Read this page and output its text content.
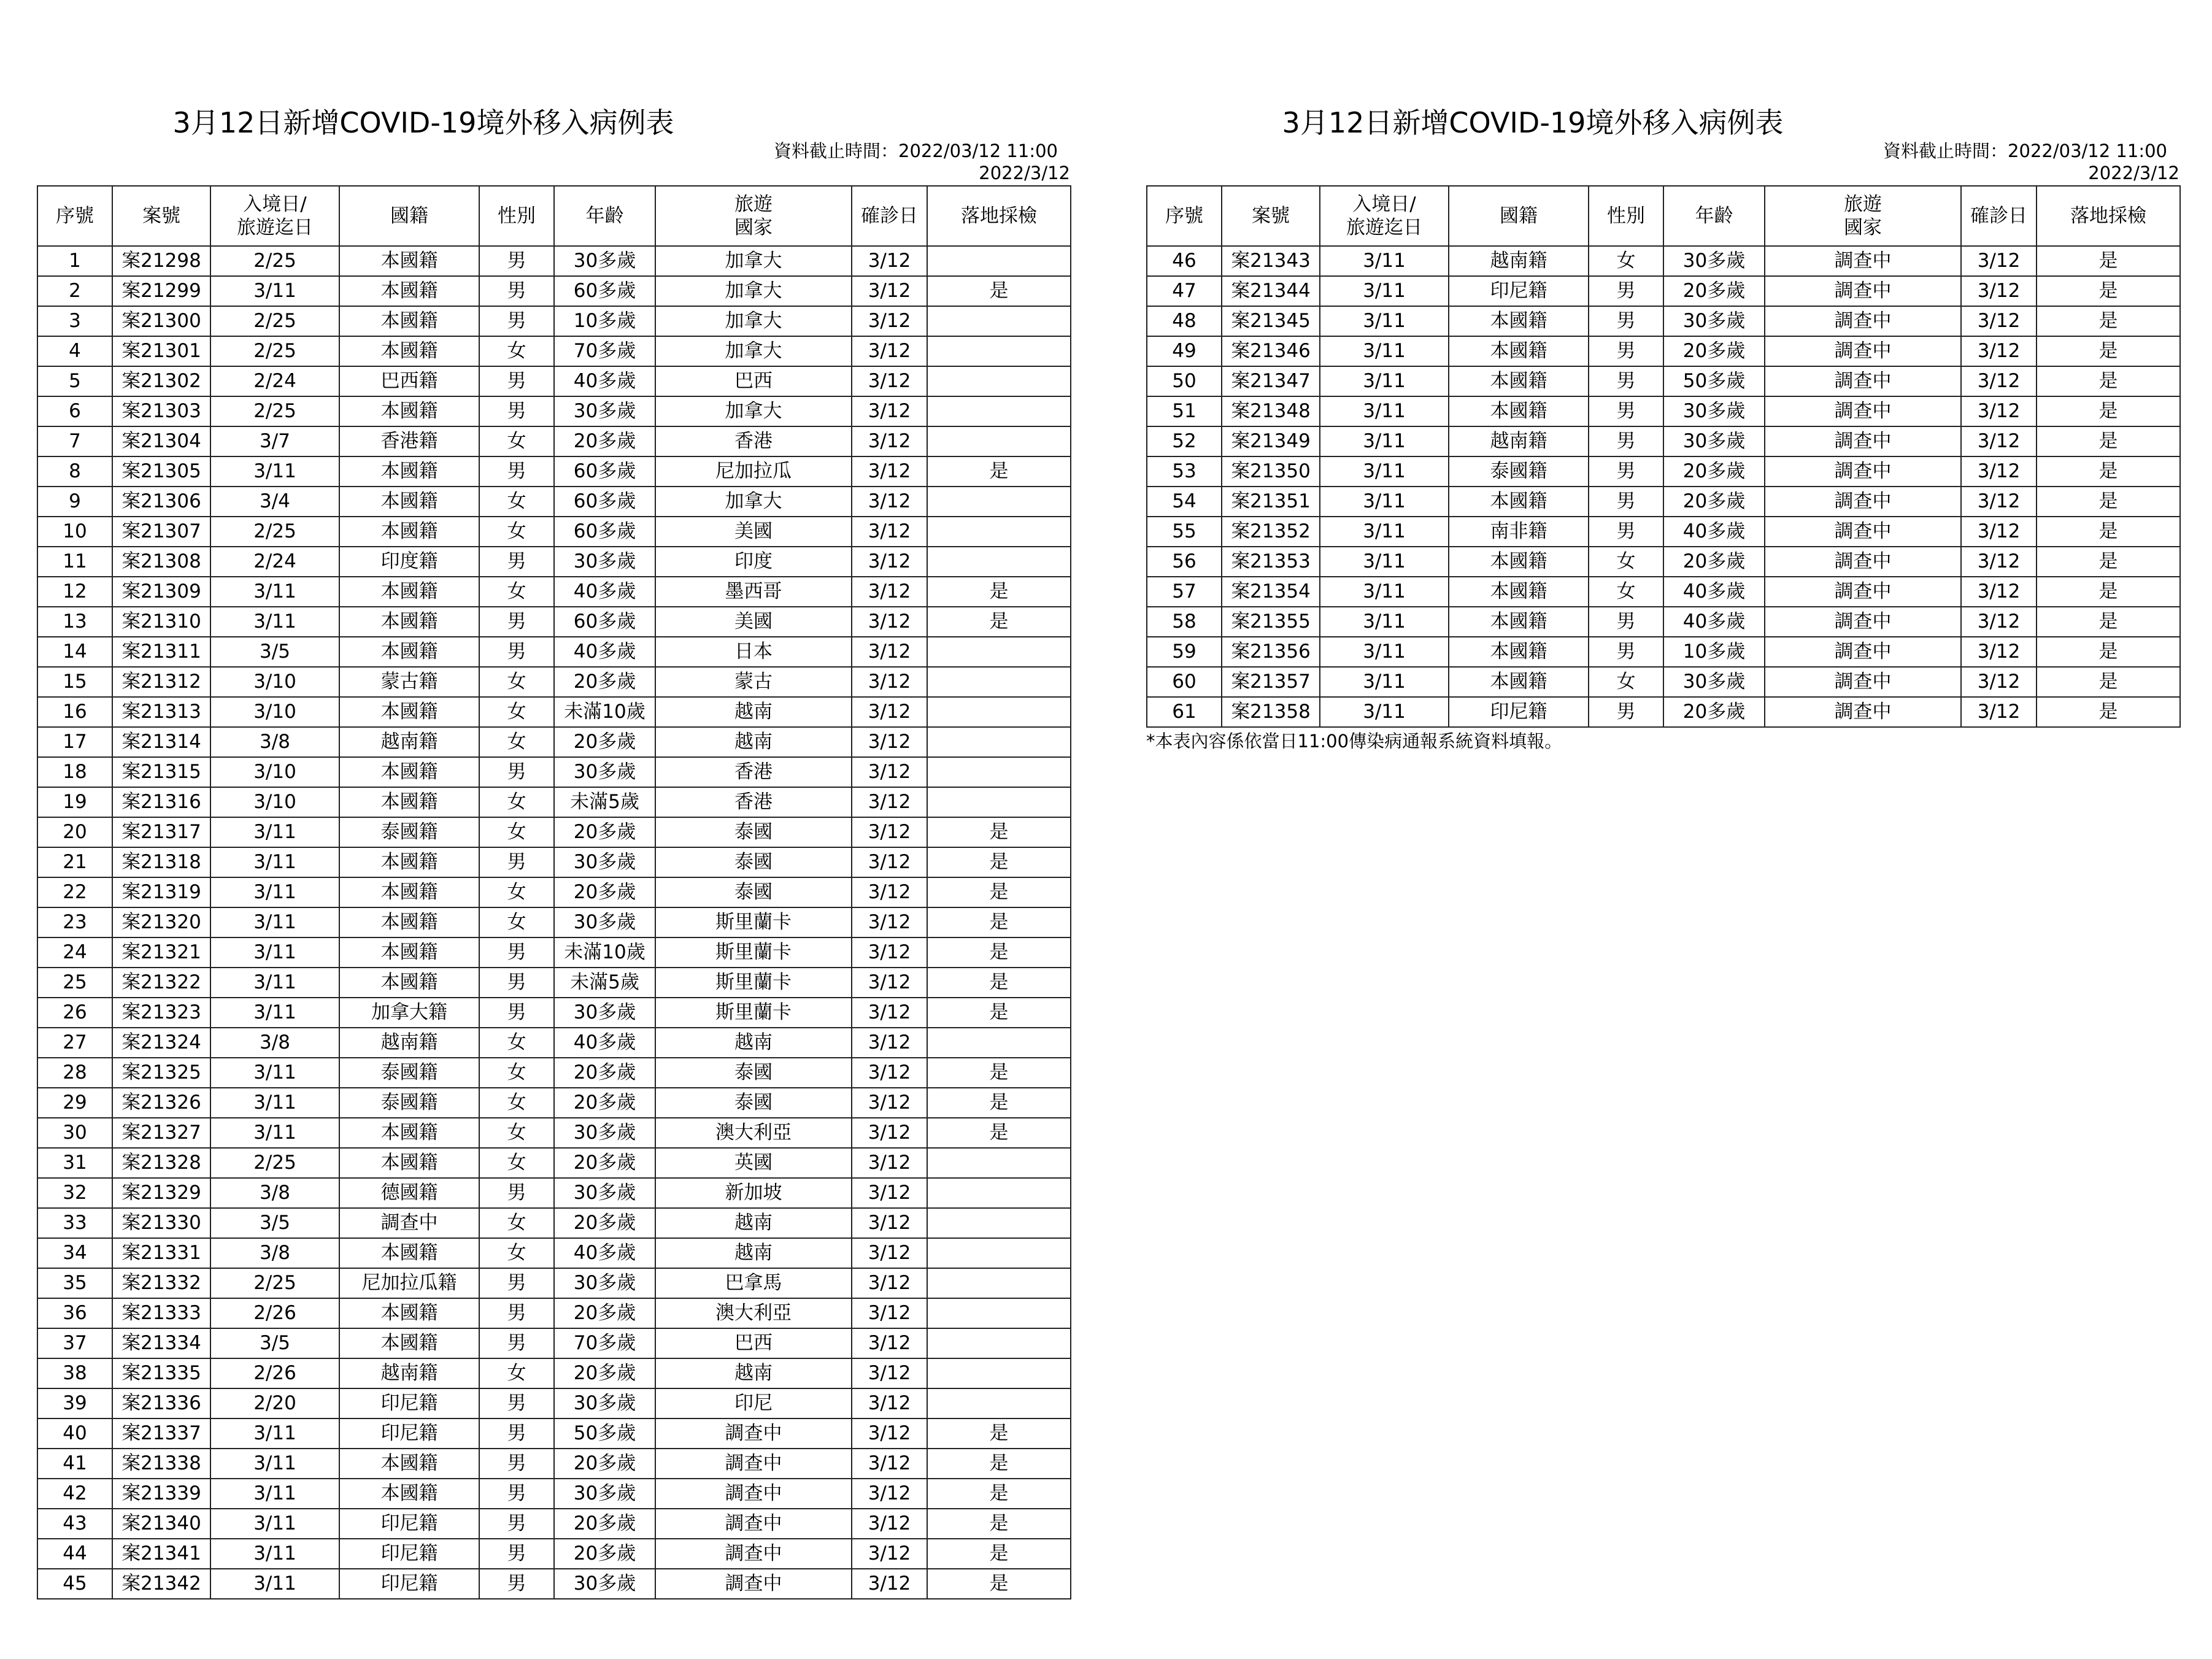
3月12日新增COVID-19境外移入病例表
資料截止時間：2022/03/12 11:00
2022/3/12
序號	案號	入境日/
旅遊迄日	國籍	性別	年齡	旅遊
國家	確診日	落地採檢
1	案21298	2/25	本國籍	男	30多歲	加拿大	3/12	
2	案21299	3/11	本國籍	男	60多歲	加拿大	3/12	是
3	案21300	2/25	本國籍	男	10多歲	加拿大	3/12	
4	案21301	2/25	本國籍	女	70多歲	加拿大	3/12	
5	案21302	2/24	巴西籍	男	40多歲	巴西	3/12	
6	案21303	2/25	本國籍	男	30多歲	加拿大	3/12	
7	案21304	3/7	香港籍	女	20多歲	香港	3/12	
8	案21305	3/11	本國籍	男	60多歲	尼加拉瓜	3/12	是
9	案21306	3/4	本國籍	女	60多歲	加拿大	3/12	
10	案21307	2/25	本國籍	女	60多歲	美國	3/12	
11	案21308	2/24	印度籍	男	30多歲	印度	3/12	
12	案21309	3/11	本國籍	女	40多歲	墨西哥	3/12	是
13	案21310	3/11	本國籍	男	60多歲	美國	3/12	是
14	案21311	3/5	本國籍	男	40多歲	日本	3/12	
15	案21312	3/10	蒙古籍	女	20多歲	蒙古	3/12	
16	案21313	3/10	本國籍	女	未滿10歲	越南	3/12	
17	案21314	3/8	越南籍	女	20多歲	越南	3/12	
18	案21315	3/10	本國籍	男	30多歲	香港	3/12	
19	案21316	3/10	本國籍	女	未滿5歲	香港	3/12	
20	案21317	3/11	泰國籍	女	20多歲	泰國	3/12	是
21	案21318	3/11	本國籍	男	30多歲	泰國	3/12	是
22	案21319	3/11	本國籍	女	20多歲	泰國	3/12	是
23	案21320	3/11	本國籍	女	30多歲	斯里蘭卡	3/12	是
24	案21321	3/11	本國籍	男	未滿10歲	斯里蘭卡	3/12	是
25	案21322	3/11	本國籍	男	未滿5歲	斯里蘭卡	3/12	是
26	案21323	3/11	加拿大籍	男	30多歲	斯里蘭卡	3/12	是
27	案21324	3/8	越南籍	女	40多歲	越南	3/12	
28	案21325	3/11	泰國籍	女	20多歲	泰國	3/12	是
29	案21326	3/11	泰國籍	女	20多歲	泰國	3/12	是
30	案21327	3/11	本國籍	女	30多歲	澳大利亞	3/12	是
31	案21328	2/25	本國籍	女	20多歲	英國	3/12	
32	案21329	3/8	德國籍	男	30多歲	新加坡	3/12	
33	案21330	3/5	調查中	女	20多歲	越南	3/12	
34	案21331	3/8	本國籍	女	40多歲	越南	3/12	
35	案21332	2/25	尼加拉瓜籍	男	30多歲	巴拿馬	3/12	
36	案21333	2/26	本國籍	男	20多歲	澳大利亞	3/12	
37	案21334	3/5	本國籍	男	70多歲	巴西	3/12	
38	案21335	2/26	越南籍	女	20多歲	越南	3/12	
39	案21336	2/20	印尼籍	男	30多歲	印尼	3/12	
40	案21337	3/11	印尼籍	男	50多歲	調查中	3/12	是
41	案21338	3/11	本國籍	男	20多歲	調查中	3/12	是
42	案21339	3/11	本國籍	男	30多歲	調查中	3/12	是
43	案21340	3/11	印尼籍	男	20多歲	調查中	3/12	是
44	案21341	3/11	印尼籍	男	20多歲	調查中	3/12	是
45	案21342	3/11	印尼籍	男	30多歲	調查中	3/12	是
3月12日新增COVID-19境外移入病例表
資料截止時間：2022/03/12 11:00
2022/3/12
序號	案號	入境日/
旅遊迄日	國籍	性別	年齡	旅遊
國家	確診日	落地採檢
46	案21343	3/11	越南籍	女	30多歲	調查中	3/12	是
47	案21344	3/11	印尼籍	男	20多歲	調查中	3/12	是
48	案21345	3/11	本國籍	男	30多歲	調查中	3/12	是
49	案21346	3/11	本國籍	男	20多歲	調查中	3/12	是
50	案21347	3/11	本國籍	男	50多歲	調查中	3/12	是
51	案21348	3/11	本國籍	男	30多歲	調查中	3/12	是
52	案21349	3/11	越南籍	男	30多歲	調查中	3/12	是
53	案21350	3/11	泰國籍	男	20多歲	調查中	3/12	是
54	案21351	3/11	本國籍	男	20多歲	調查中	3/12	是
55	案21352	3/11	南非籍	男	40多歲	調查中	3/12	是
56	案21353	3/11	本國籍	女	20多歲	調查中	3/12	是
57	案21354	3/11	本國籍	女	40多歲	調查中	3/12	是
58	案21355	3/11	本國籍	男	40多歲	調查中	3/12	是
59	案21356	3/11	本國籍	男	10多歲	調查中	3/12	是
60	案21357	3/11	本國籍	女	30多歲	調查中	3/12	是
61	案21358	3/11	印尼籍	男	20多歲	調查中	3/12	是
*本表內容係依當日11:00傳染病通報系統資料填報。
